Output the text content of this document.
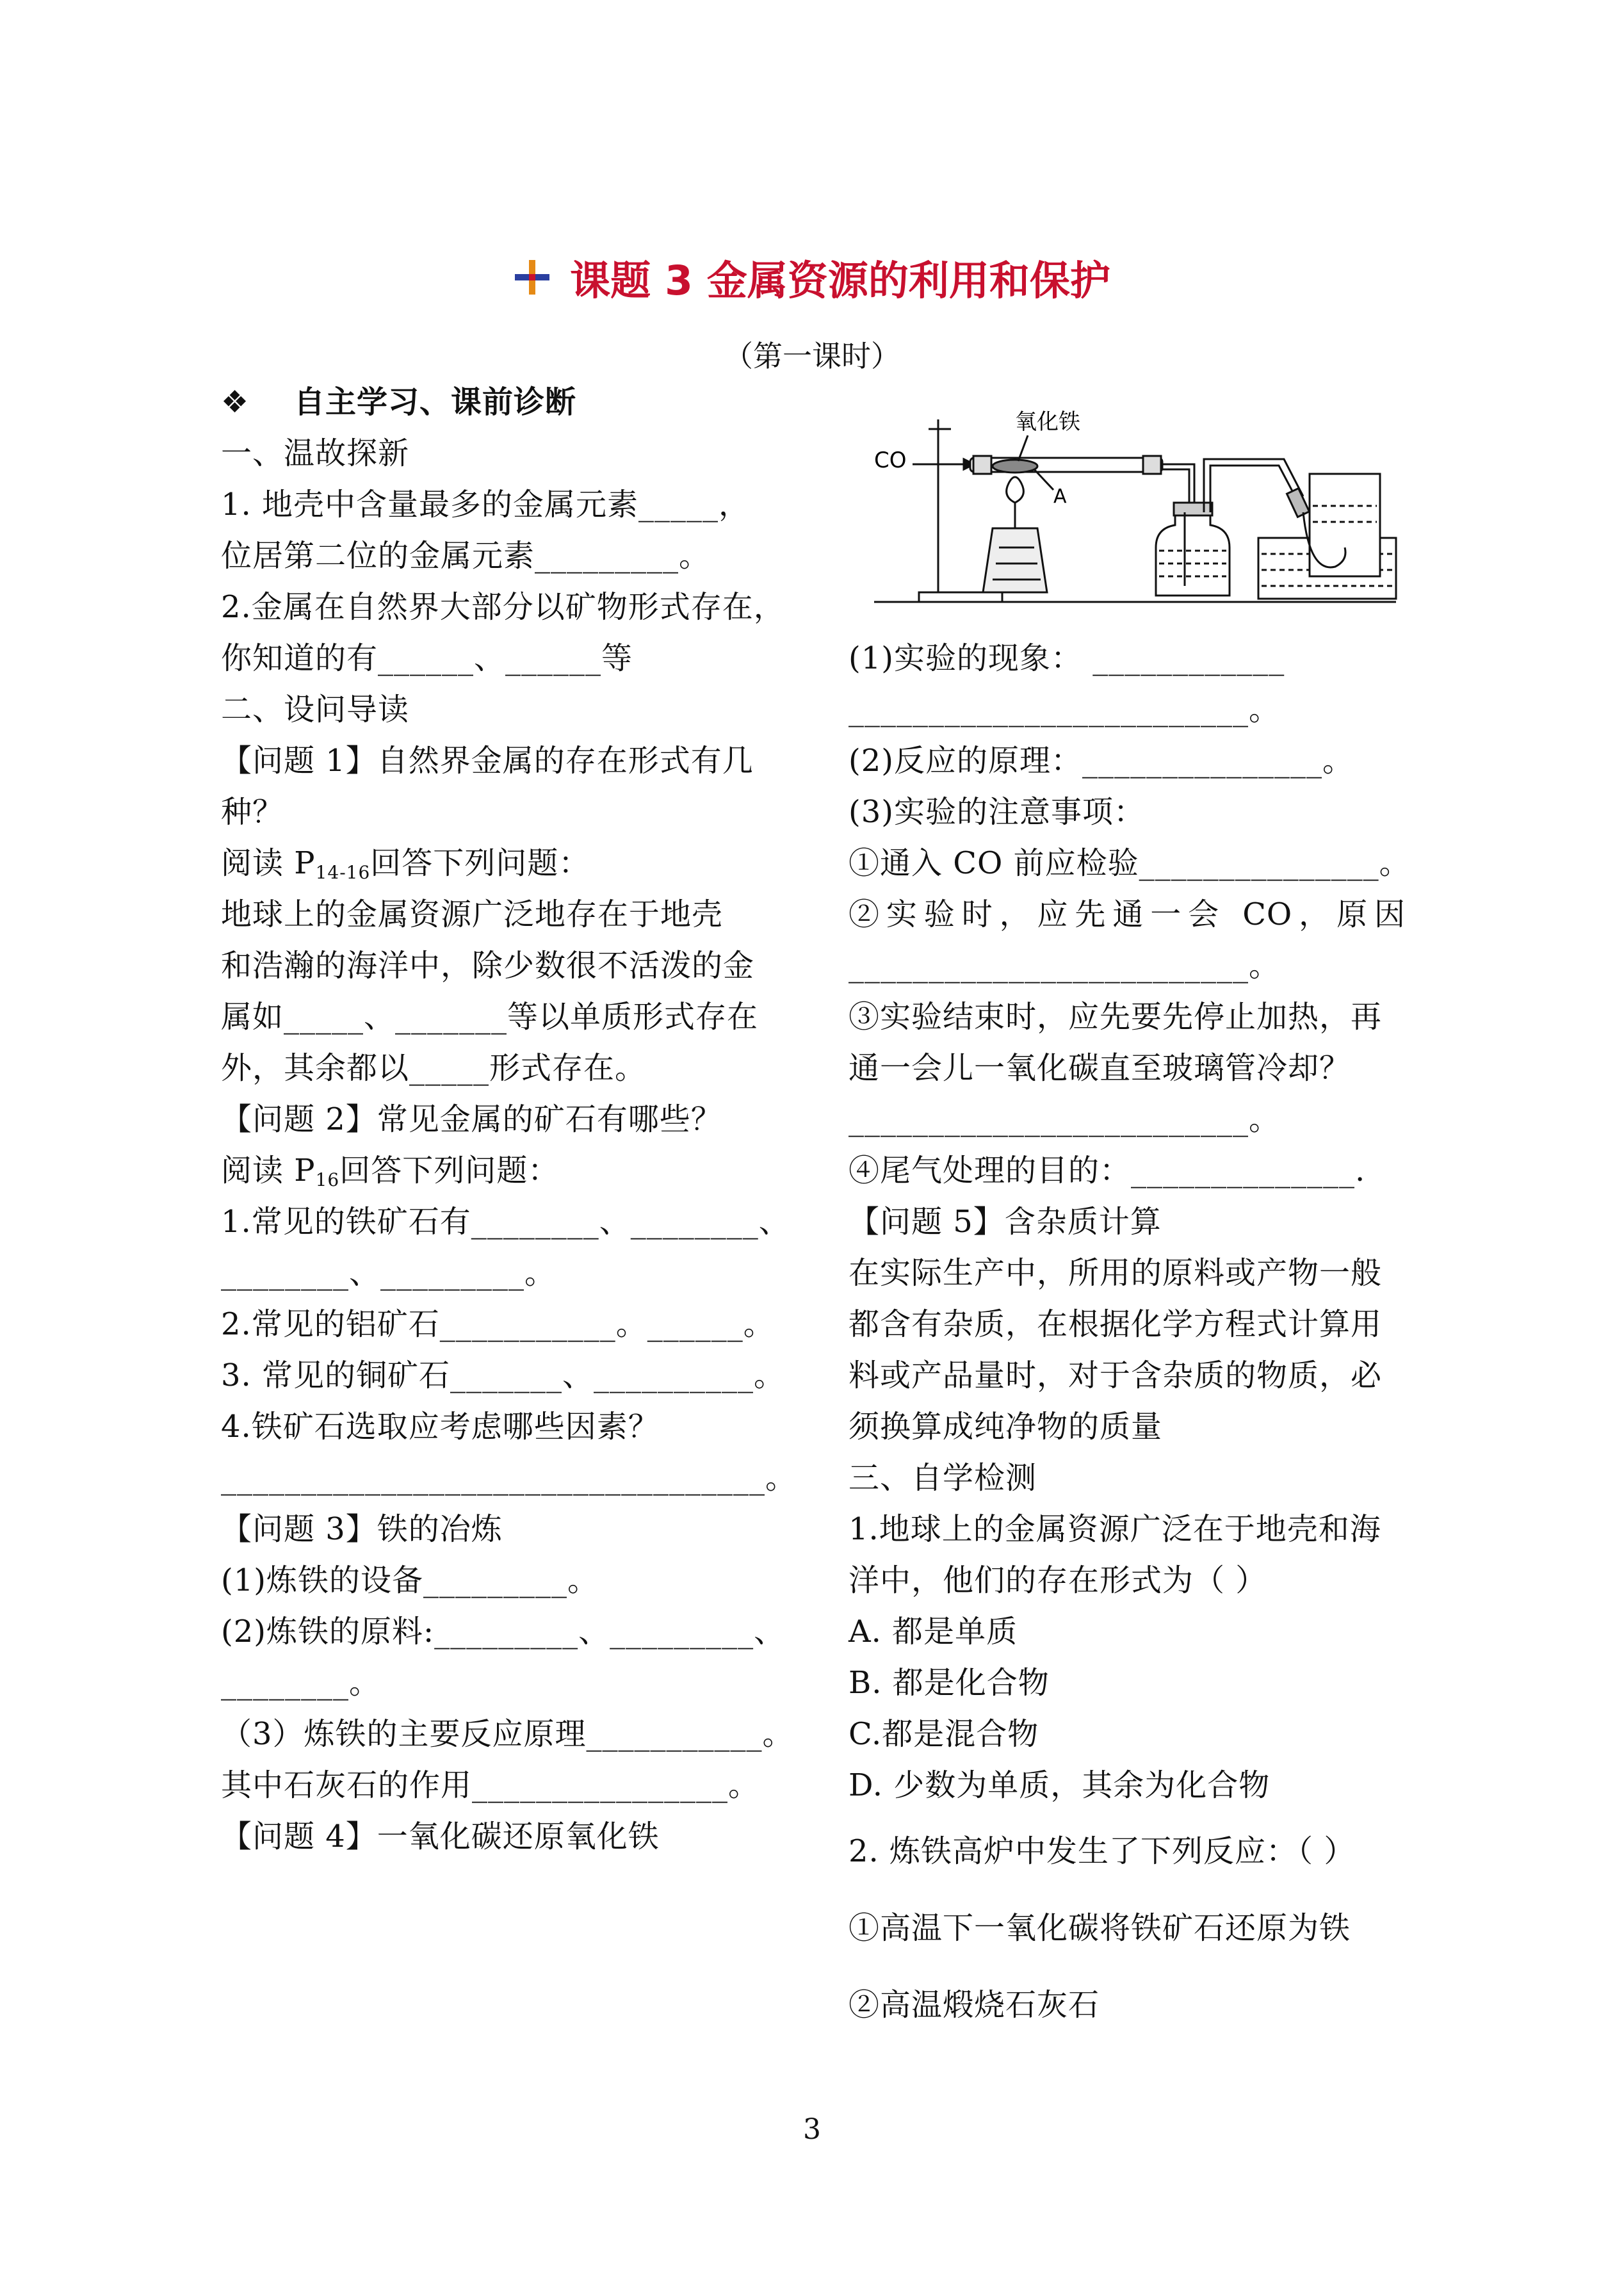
课题 3 金属资源的利用和保护
（第一课时）
❖ 自主学习、课前诊断
一、温故探新
1. 地壳中含量最多的金属元素_____，
位居第二位的金属元素_________。
2.金属在自然界大部分以矿物形式存在，
你知道的有______、______等
二、设问导读
【问题 1】自然界金属的存在形式有几
种？
阅读 $P_{14-16}$回答下列问题：
地球上的金属资源广泛地存在于地壳
和浩瀚的海洋中，除少数很不活泼的金
属如_____、_______等以单质形式存在
外，其余都以_____形式存在。
【问题 2】常见金属的矿石有哪些？
阅读 $P_{16}$回答下列问题：
1.常见的铁矿石有________、________、
________、_________。
2.常见的铝矿石___________。______。
3. 常见的铜矿石_______、__________。
4.铁矿石选取应考虑哪些因素？
__________________________________。
【问题 3】铁的冶炼
(1)炼铁的设备_________。
(2)炼铁的原料:_________、_________、
________。
（3）炼铁的主要反应原理___________。
其中石灰石的作用________________。
【问题 4】一氧化碳还原氧化铁
CO
氧化铁
A
(1)实验的现象： ____________
_________________________。
(2)反应的原理：_______________。
(3)实验的注意事项：
①通入 CO 前应检验_______________。
②实验时，应先通一会 CO，原因
_________________________。
③实验结束时，应先要先停止加热，再
通一会儿一氧化碳直至玻璃管冷却？
_________________________。
④尾气处理的目的：______________.
【问题 5】含杂质计算
在实际生产中，所用的原料或产物一般
都含有杂质，在根据化学方程式计算用
料或产品量时，对于含杂质的物质，必
须换算成纯净物的质量
三、自学检测
1.地球上的金属资源广泛在于地壳和海
洋中，他们的存在形式为（ ）
A. 都是单质
B. 都是化合物
C.都是混合物
D. 少数为单质，其余为化合物
2. 炼铁高炉中发生了下列反应：（ ）
①高温下一氧化碳将铁矿石还原为铁
②高温煅烧石灰石
3
